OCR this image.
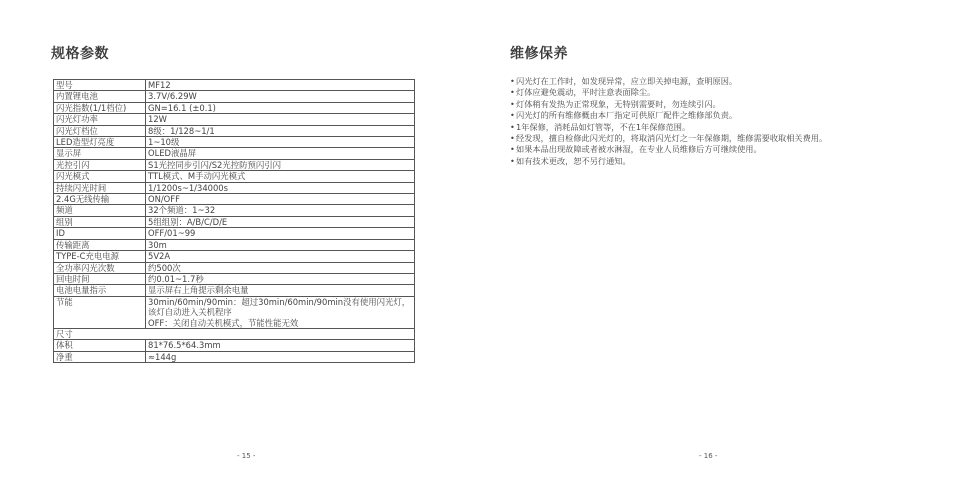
规格参数
型号	MF12
内置锂电池	3.7V/6.29W
闪光指数(1/1档位)	GN=16.1 (±0.1)
闪光灯功率	12W
闪光灯档位	8级：1/128~1/1
LED造型灯亮度	1~10级
显示屏	OLED液晶屏
光控引闪	S1光控同步引闪/S2光控防预闪引闪
闪光模式	TTL模式、M手动闪光模式
持续闪光时间	1/1200s~1/34000s
2.4G无线传输	ON/OFF
频道	32个频道：1~32
组别	5组组别：A/B/C/D/E
ID	OFF/01~99
传输距离	30m
TYPE-C充电电源	5V2A
全功率闪光次数	约500次
回电时间	约0.01~1.7秒
电池电量指示	显示屏右上角提示剩余电量
节能	30min/60min/90min：超过30min/60min/90min没有使用闪光灯，该灯自动进入关机程序
OFF：关闭自动关机模式，节能性能无效

尺寸	
体积	81*76.5*64.3mm
净重	≈144g
- 15 -
维修保养
•闪光灯在工作时，如发现异常，应立即关掉电源，查明原因。
•灯体应避免震动，平时注意表面除尘。
•灯体稍有发热为正常现象，无特别需要时，勿连续引闪。
•闪光灯的所有维修概由本厂指定可供原厂配件之维修部负责。
•1年保修，消耗品如灯管等，不在1年保修范围。
•经发现，擅自检修此闪光灯的，将取消闪光灯之一年保修期，维修需要收取相关费用。
•如果本品出现故障或者被水淋湿，在专业人员维修后方可继续使用。
•如有技术更改，恕不另行通知。
- 16 -
